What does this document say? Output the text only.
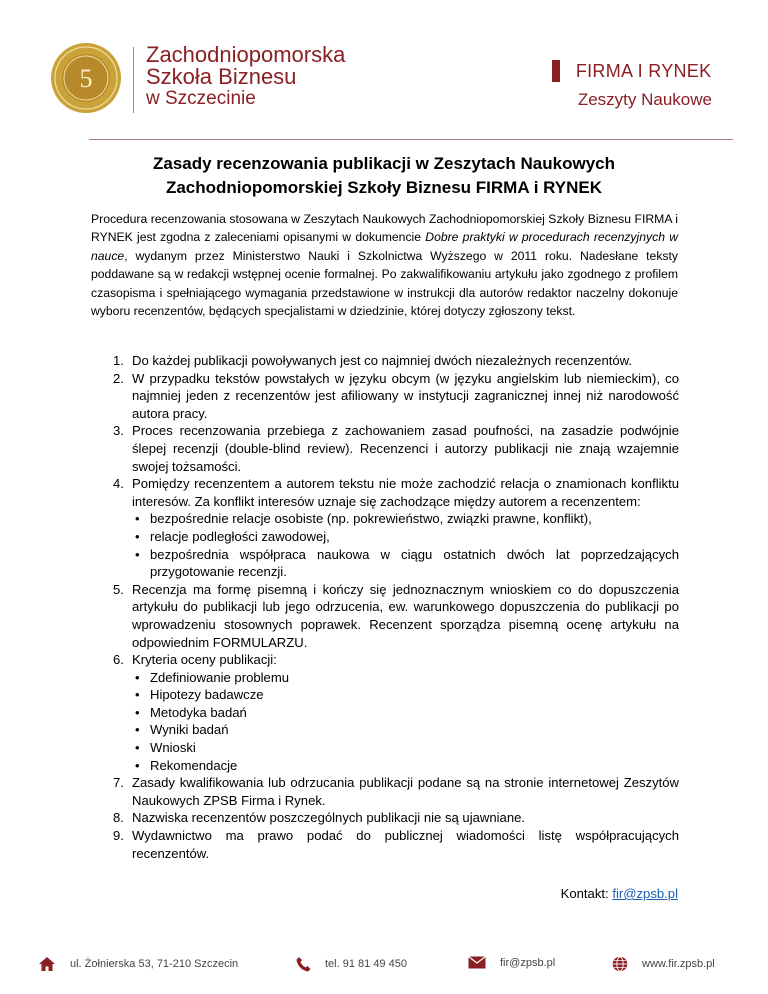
5
Zachodniopomorska
Szkoła Biznesu
w Szczecinie
FIRMA I RYNEK
Zeszyty Naukowe
Zasady recenzowania publikacji w Zeszytach Naukowych
Zachodniopomorskiej Szkoły Biznesu FIRMA i RYNEK
Procedura recenzowania stosowana w Zeszytach Naukowych Zachodniopomorskiej Szkoły Biznesu FIRMA i RYNEK jest zgodna z zaleceniami opisanymi w dokumencie Dobre praktyki w procedurach recenzyjnych w nauce, wydanym przez Ministerstwo Nauki i Szkolnictwa Wyższego w 2011 roku. Nadesłane teksty poddawane są w redakcji wstępnej ocenie formalnej. Po zakwalifikowaniu artykułu jako zgodnego z profilem czasopisma i spełniającego wymagania przedstawione w instrukcji dla autorów redaktor naczelny dokonuje wyboru recenzentów, będących specjalistami w dziedzinie, której dotyczy zgłoszony tekst.
1. Do każdej publikacji powoływanych jest co najmniej dwóch niezależnych recenzentów.
2. W przypadku tekstów powstałych w języku obcym (w języku angielskim lub niemieckim), co najmniej jeden z recenzentów jest afiliowany w instytucji zagranicznej innej niż narodowość autora pracy.
3. Proces recenzowania przebiega z zachowaniem zasad poufności, na zasadzie podwójnie ślepej recenzji (double-blind review). Recenzenci i autorzy publikacji nie znają wzajemnie swojej tożsamości.
4. Pomiędzy recenzentem a autorem tekstu nie może zachodzić relacja o znamionach konfliktu interesów. Za konflikt interesów uznaje się zachodzące między autorem a recenzentem:
• bezpośrednie relacje osobiste (np. pokrewieństwo, związki prawne, konflikt),
• relacje podległości zawodowej,
• bezpośrednia współpraca naukowa w ciągu ostatnich dwóch lat poprzedzających przygotowanie recenzji.
5. Recenzja ma formę pisemną i kończy się jednoznacznym wnioskiem co do dopuszczenia artykułu do publikacji lub jego odrzucenia, ew. warunkowego dopuszczenia do publikacji po wprowadzeniu stosownych poprawek. Recenzent sporządza pisemną ocenę artykułu na odpowiednim FORMULARZU.
6. Kryteria oceny publikacji:
• Zdefiniowanie problemu
• Hipotezy badawcze
• Metodyka badań
• Wyniki badań
• Wnioski
• Rekomendacje
7. Zasady kwalifikowania lub odrzucania publikacji podane są na stronie internetowej Zeszytów Naukowych ZPSB Firma i Rynek.
8. Nazwiska recenzentów poszczególnych publikacji nie są ujawniane.
9. Wydawnictwo ma prawo podać do publicznej wiadomości listę współpracujących recenzentów.
Kontakt: fir@zpsb.pl
ul. Żołnierska 53, 71-210 Szczecin	tel. 91 81 49 450	fir@zpsb.pl	www.fir.zpsb.pl
